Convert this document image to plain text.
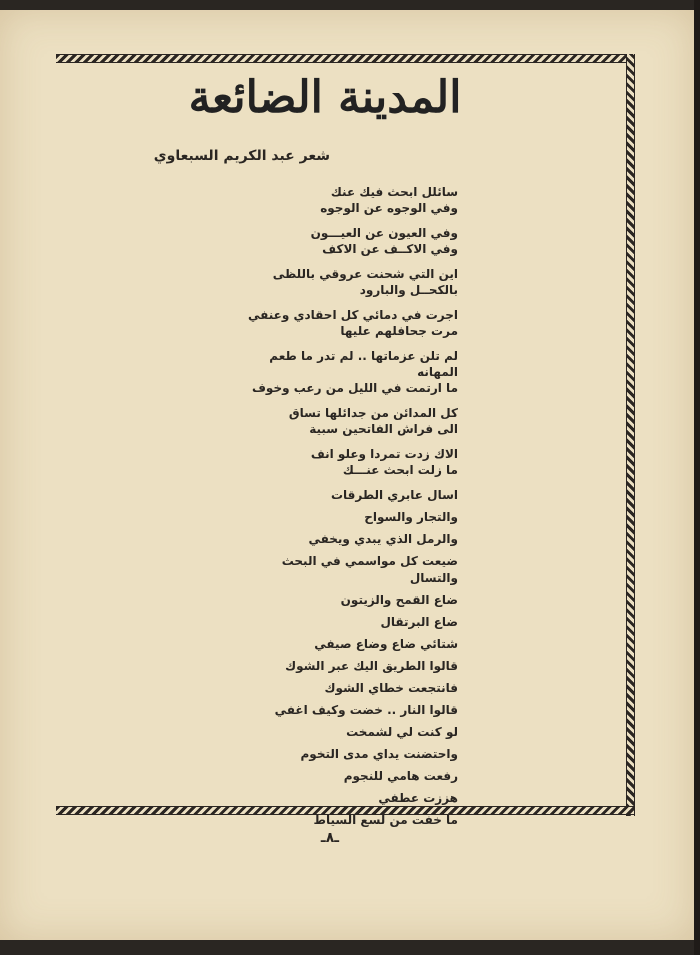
المدينة الضائعة
شعر عبد الكريم السبعاوي
سائلل ابحث فيك عنك
وفي الوجوه عن الوجوه
وفي العيون عن العيـــون
وفي الاكــف عن الاكف
اين التي شحنت عروقي باللظى
بالكحــل والبارود
اجرت في دمائي كل احقادي وعنفي
مرت جحافلهم عليها
لم تلن عزماتها .. لم تدر ما طعم المهانه
ما ارتمت في الليل من رعب وخوف
كل المدائن من جدائلها تساق
الى فراش الفاتحين سبية
الاك زدت تمردا وعلو انف
ما زلت ابحث عنـــك
اسال عابري الطرقات
والتجار والسواح
والرمل الذي يبدي ويخفي
ضيعت كل مواسمي في البحث والتسال
ضاع القمح والزيتون
ضاع البرتقال
شتائي ضاع وضاع صيفي
قالوا الطريق اليك عبر الشوك
فانتجعت خطاي الشوك
قالوا النار .. خضت وكيف اغفي
لو كنت لي لشمخت
واحتضنت يداي مدى التخوم
رفعت هامي للنجوم
هززت عطفي
ما خفت من لسع السياط
ـ٨ـ
